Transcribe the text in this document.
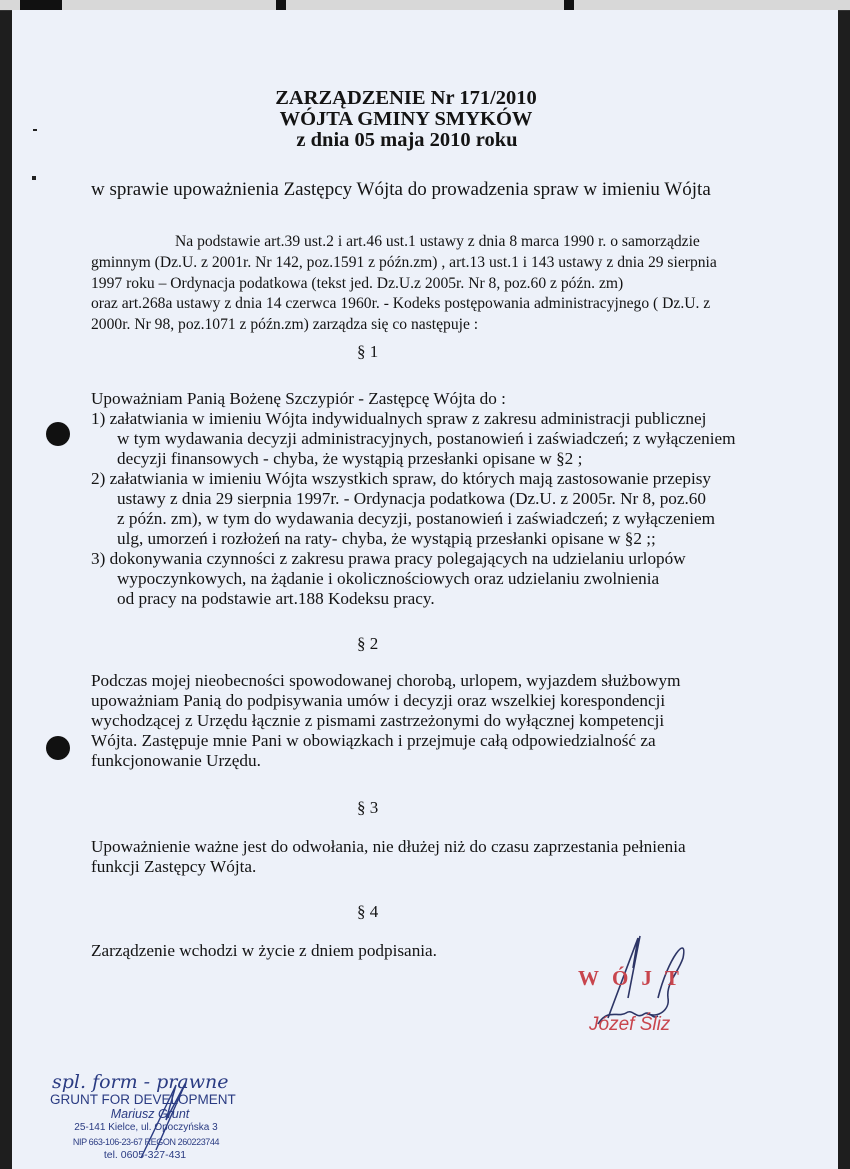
ZARZĄDZENIE Nr 171/2010
WÓJTA GMINY SMYKÓW
z dnia 05 maja 2010 roku
w sprawie upoważnienia Zastępcy Wójta do prowadzenia spraw w imieniu Wójta
Na podstawie art.39 ust.2 i art.46 ust.1 ustawy z dnia 8 marca 1990 r. o samorządzie
gminnym (Dz.U. z 2001r. Nr 142, poz.1591 z późn.zm) , art.13 ust.1 i 143 ustawy z dnia 29 sierpnia
1997 roku – Ordynacja podatkowa (tekst jed. Dz.U.z 2005r. Nr 8, poz.60 z późn. zm)
oraz art.268a ustawy z dnia 14 czerwca 1960r. - Kodeks postępowania administracyjnego ( Dz.U. z
2000r. Nr 98, poz.1071 z późn.zm) zarządza się co następuje :
§ 1
Upoważniam Panią Bożenę Szczypiór - Zastępcę Wójta do :
1) załatwiania w imieniu Wójta indywidualnych spraw z zakresu administracji publicznej
w tym wydawania decyzji administracyjnych, postanowień i zaświadczeń; z wyłączeniem
decyzji finansowych - chyba, że wystąpią przesłanki opisane w §2 ;
2) załatwiania w imieniu Wójta wszystkich spraw, do których mają zastosowanie przepisy
ustawy z dnia 29 sierpnia 1997r. - Ordynacja podatkowa (Dz.U. z 2005r. Nr 8, poz.60
z późn. zm), w tym do wydawania decyzji, postanowień i zaświadczeń; z wyłączeniem
ulg, umorzeń i rozłożeń na raty- chyba, że wystąpią przesłanki opisane w §2 ;;
3) dokonywania czynności z zakresu prawa pracy polegających na udzielaniu urlopów
wypoczynkowych, na żądanie i okolicznościowych oraz udzielaniu zwolnienia
od pracy na podstawie art.188 Kodeksu pracy.
§ 2
Podczas mojej nieobecności spowodowanej chorobą, urlopem, wyjazdem służbowym
upoważniam Panią do podpisywania umów i decyzji oraz wszelkiej korespondencji
wychodzącej z Urzędu łącznie z pismami zastrzeżonymi do wyłącznej kompetencji
Wójta. Zastępuje mnie Pani w obowiązkach i przejmuje całą odpowiedzialność za
funkcjonowanie Urzędu.
§ 3
Upoważnienie ważne jest do odwołania, nie dłużej niż do czasu zaprzestania pełnienia
funkcji Zastępcy Wójta.
§ 4
Zarządzenie wchodzi w życie z dniem podpisania.
WÓJT
Józef Śliz
spl. form - prawne
GRUNT FOR DEVELOPMENT
Mariusz Grunt
25-141 Kielce, ul. Opoczyńska 3
NIP 663-106-23-67 REGON 260223744
tel. 0605-327-431
